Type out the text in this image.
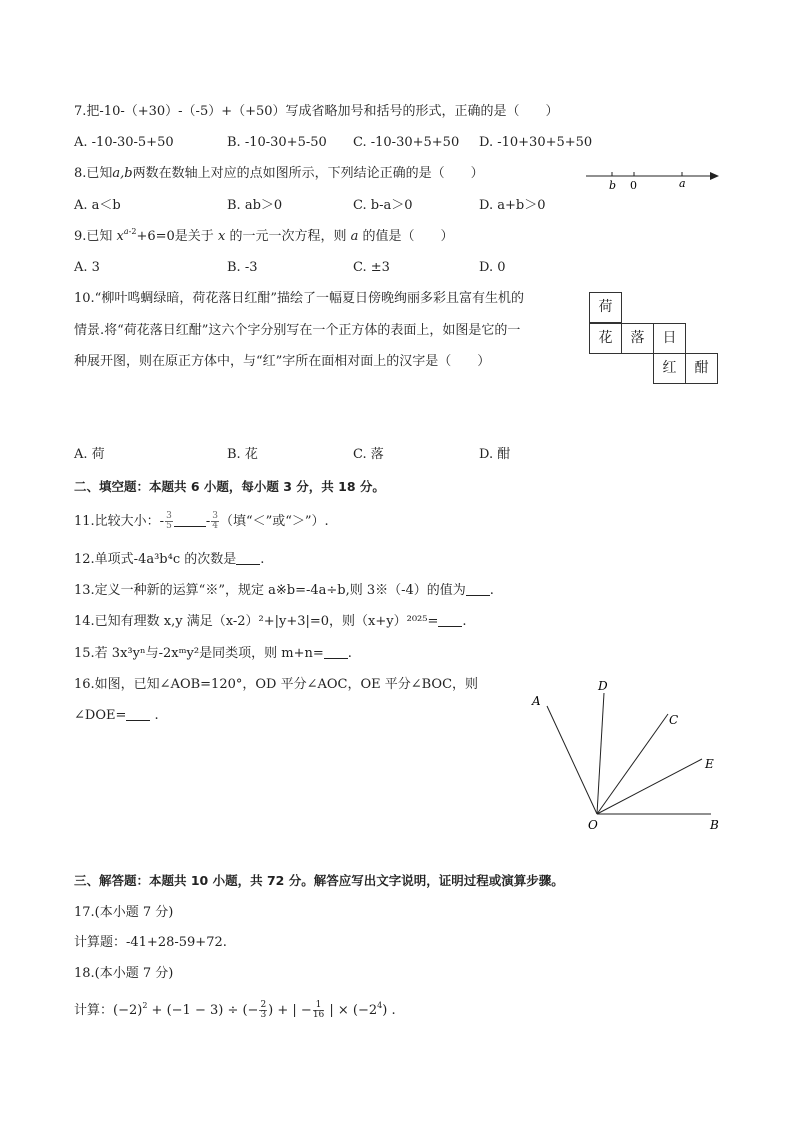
7.把-10-（+30）-（-5）+（+50）写成省略加号和括号的形式，正确的是（　　）
A. -10-30-5+50	B. -10-30+5-50 C. -10-30+5+50 D. -10+30+5+50
8.已知a,b两数在数轴上对应的点如图所示，下列结论正确的是（　　）
b 0	a
A. a＜b	B. ab＞0	C. b-a＞0	D. a+b＞0
9.已知 $x^{a-2}+6=0$是关于 x 的一元一次方程，则 a 的值是（　　）
A. 3	B. -3	C. ±3	D. 0
10.“柳叶鸣蜩绿暗，荷花落日红酣”描绘了一幅夏日傍晚绚丽多彩且富有生机的
情景.将“荷花落日红酣”这六个字分别写在一个正方体的表面上，如图是它的一
种展开图，则在原正方体中，与“红”字所在面相对面上的汉字是（　　）
荷
花	落	日
红	酣
A. 荷	B. 花	C. 落	D. 酣
二、填空题：本题共 6 小题，每小题 3 分，共 18 分。
11.比较大小：- $\frac{3}{5}$	- $\frac{3}{4}$ （填“＜”或“＞”）.
12.单项式-4a³b⁴c 的次数是 .
13.定义一种新的运算“※”，规定 a※b=-4a÷b,则 3※（-4）的值为 .
14.已知有理数 x,y 满足（x-2）²+|y+3|=0，则（x+y）²⁰²⁵= .
15.若 3x³yⁿ与-2xᵐy²是同类项，则 m+n= .
16.如图，已知∠AOB=120°，OD 平分∠AOC，OE 平分∠BOC，则
∠DOE= .
A
D
C
E
O	B
三、解答题：本题共 10 小题，共 72 分。解答应写出文字说明，证明过程或演算步骤。
17.(本小题 7 分)
计算题：-41+28-59+72.
18.(本小题 7 分)
计算：$(-2)^2 + (-1 - 3)$ ÷ (− $\frac{2}{3}$ ) + | − $\frac{1}{16}$ | × $(-2^4)$ .
